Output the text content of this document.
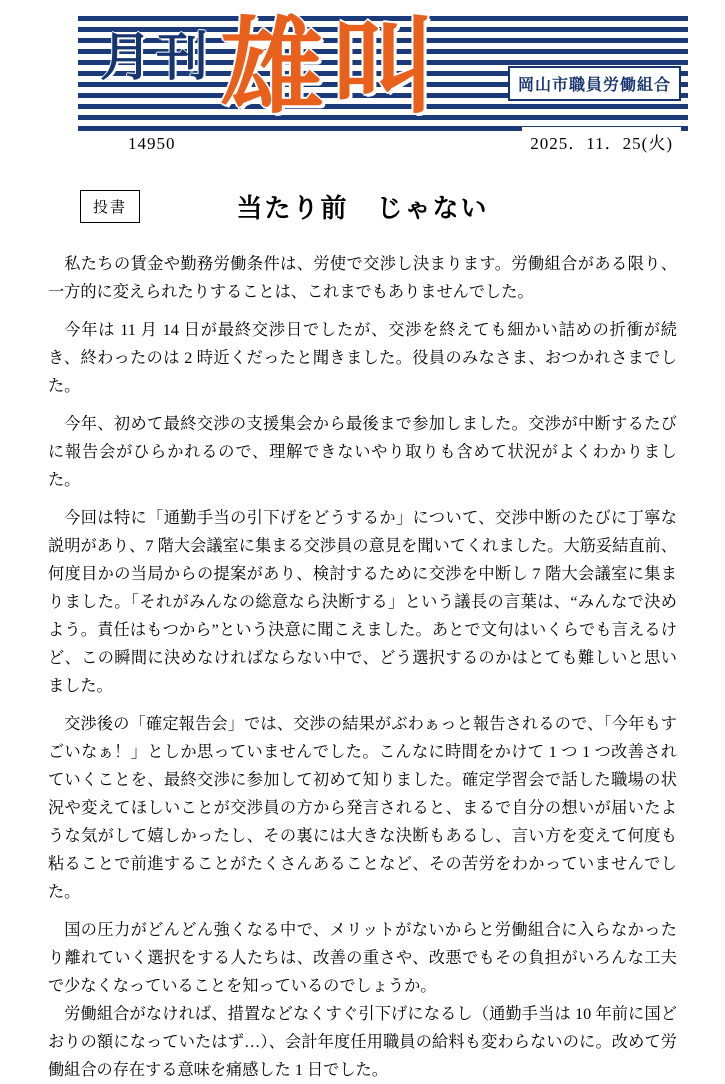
月刊 雄叫	岡山市職員労働組合
14950	2025．11．25(火)
投書	当たり前　じゃない

私たちの賃金や勤務労働条件は、労使で交渉し決まります。労働組合がある限り、一方的に変えられたりすることは、これまでもありませんでした。

今年は 11 月 14 日が最終交渉日でしたが、交渉を終えても細かい詰めの折衝が続き、終わったのは 2 時近くだったと聞きました。役員のみなさま、おつかれさまでした。

今年、初めて最終交渉の支援集会から最後まで参加しました。交渉が中断するたびに報告会がひらかれるので、理解できないやり取りも含めて状況がよくわかりました。

今回は特に「通勤手当の引下げをどうするか」について、交渉中断のたびに丁寧な説明があり、7 階大会議室に集まる交渉員の意見を聞いてくれました。大筋妥結直前、何度目かの当局からの提案があり、検討するために交渉を中断し 7 階大会議室に集まりました。「それがみんなの総意なら決断する」という議長の言葉は、“みんなで決めよう。責任はもつから”という決意に聞こえました。あとで文句はいくらでも言えるけど、この瞬間に決めなければならない中で、どう選択するのかはとても難しいと思いました。

交渉後の「確定報告会」では、交渉の結果がぶわぁっと報告されるので、「今年もすごいなぁ！」としか思っていませんでした。こんなに時間をかけて 1 つ 1 つ改善されていくことを、最終交渉に参加して初めて知りました。確定学習会で話した職場の状況や変えてほしいことが交渉員の方から発言されると、まるで自分の想いが届いたような気がして嬉しかったし、その裏には大きな決断もあるし、言い方を変えて何度も粘ることで前進することがたくさんあることなど、その苦労をわかっていませんでした。

国の圧力がどんどん強くなる中で、メリットがないからと労働組合に入らなかったり離れていく選択をする人たちは、改善の重さや、改悪でもその負担がいろんな工夫で少なくなっていることを知っているのでしょうか。

労働組合がなければ、措置などなくすぐ引下げになるし（通勤手当は 10 年前に国どおりの額になっていたはず…）、会計年度任用職員の給料も変わらないのに。改めて労働組合の存在する意味を痛感した 1 日でした。
